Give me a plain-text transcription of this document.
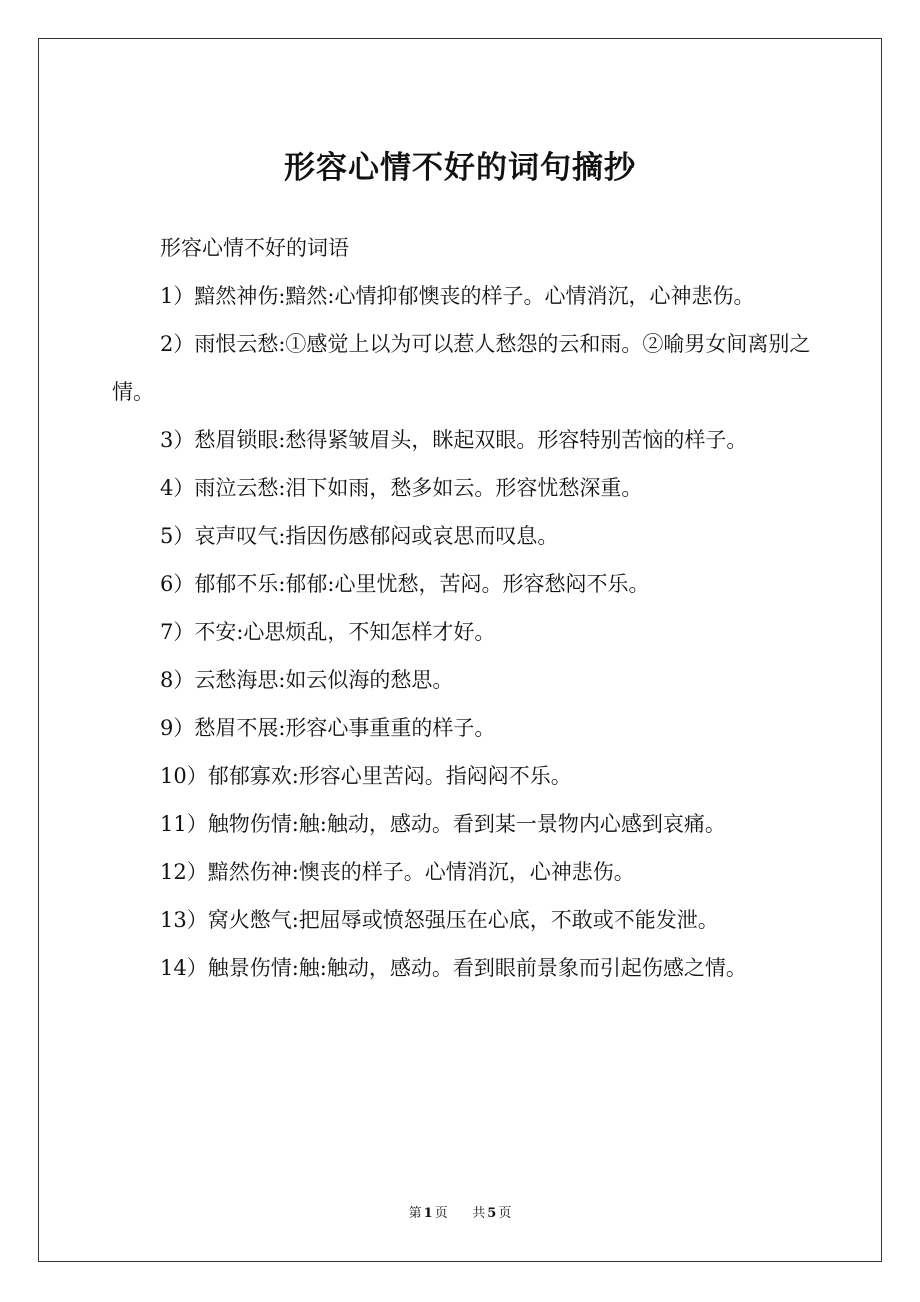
形容心情不好的词句摘抄

形容心情不好的词语

1）黯然神伤:黯然:心情抑郁懊丧的样子。心情消沉，心神悲伤。

2）雨恨云愁:①感觉上以为可以惹人愁怨的云和雨。②喻男女间离别之情。

3）愁眉锁眼:愁得紧皱眉头，眯起双眼。形容特别苦恼的样子。

4）雨泣云愁:泪下如雨，愁多如云。形容忧愁深重。

5）哀声叹气:指因伤感郁闷或哀思而叹息。

6）郁郁不乐:郁郁:心里忧愁，苦闷。形容愁闷不乐。

7）不安:心思烦乱，不知怎样才好。

8）云愁海思:如云似海的愁思。

9）愁眉不展:形容心事重重的样子。

10）郁郁寡欢:形容心里苦闷。指闷闷不乐。

11）触物伤情:触:触动，感动。看到某一景物内心感到哀痛。

12）黯然伤神:懊丧的样子。心情消沉，心神悲伤。

13）窝火憋气:把屈辱或愤怒强压在心底，不敢或不能发泄。

14）触景伤情:触:触动，感动。看到眼前景象而引起伤感之情。

第 1 页 共 5 页
